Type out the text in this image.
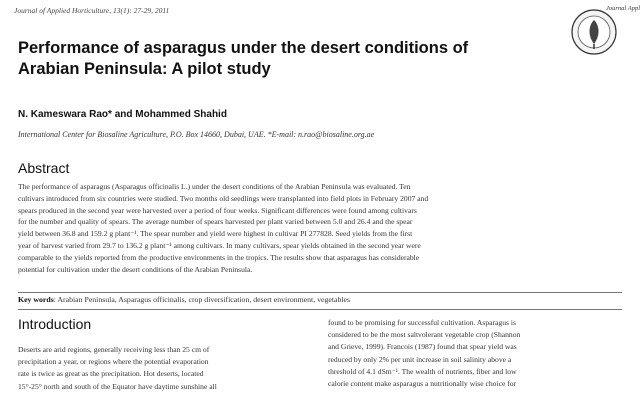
Journal of Applied Horticulture, 13(1): 27-29, 2011	Journal Appl
Performance of asparagus under the desert conditions of
Arabian Peninsula: A pilot study
N. Kameswara Rao* and Mohammed Shahid
International Center for Biosaline Agriculture, P.O. Box 14660, Dubai, UAE. *E-mail: n.rao@biosaline.org.ae
Abstract
The performance of asparagus (Asparagus officinalis L.) under the desert conditions of the Arabian Peninsula was evaluated. Ten
cultivars introduced from six countries were studied. Two months old seedlings were transplanted into field plots in February 2007 and
spears produced in the second year were harvested over a period of four weeks. Significant differences were found among cultivars
for the number and quality of spears. The average number of spears harvested per plant varied between 5.0 and 26.4 and the spear
yield between 36.8 and 159.2 g plant⁻¹. The spear number and yield were highest in cultivar PI 277828. Seed yields from the first
year of harvest varied from 29.7 to 136.2 g plant⁻¹ among cultivars. In many cultivars, spear yields obtained in the second year were
comparable to the yields reported from the productive environments in the tropics. The results show that asparagus has considerable
potential for cultivation under the desert conditions of the Arabian Peninsula.
Key words: Arabian Peninsula, Asparagus officinalis, crop diversification, desert environment, vegetables
Introduction
Deserts are arid regions, generally receiving less than 25 cm of
precipitation a year, or regions where the potential evaporation
rate is twice as great as the precipitation. Hot deserts, located
15°-25° north and south of the Equator have daytime sunshine all
found to be promising for successful cultivation. Asparagus is
considered to be the most saltvolerant vegetable crop (Shannon
and Grieve, 1999). Francois (1987) found that spear yield was
reduced by only 2% per unit increase in soil salinity above a
threshold of 4.1 dSm⁻¹. The wealth of nutrients, fiber and low
calorie content make asparagus a nutritionally wise choice for
